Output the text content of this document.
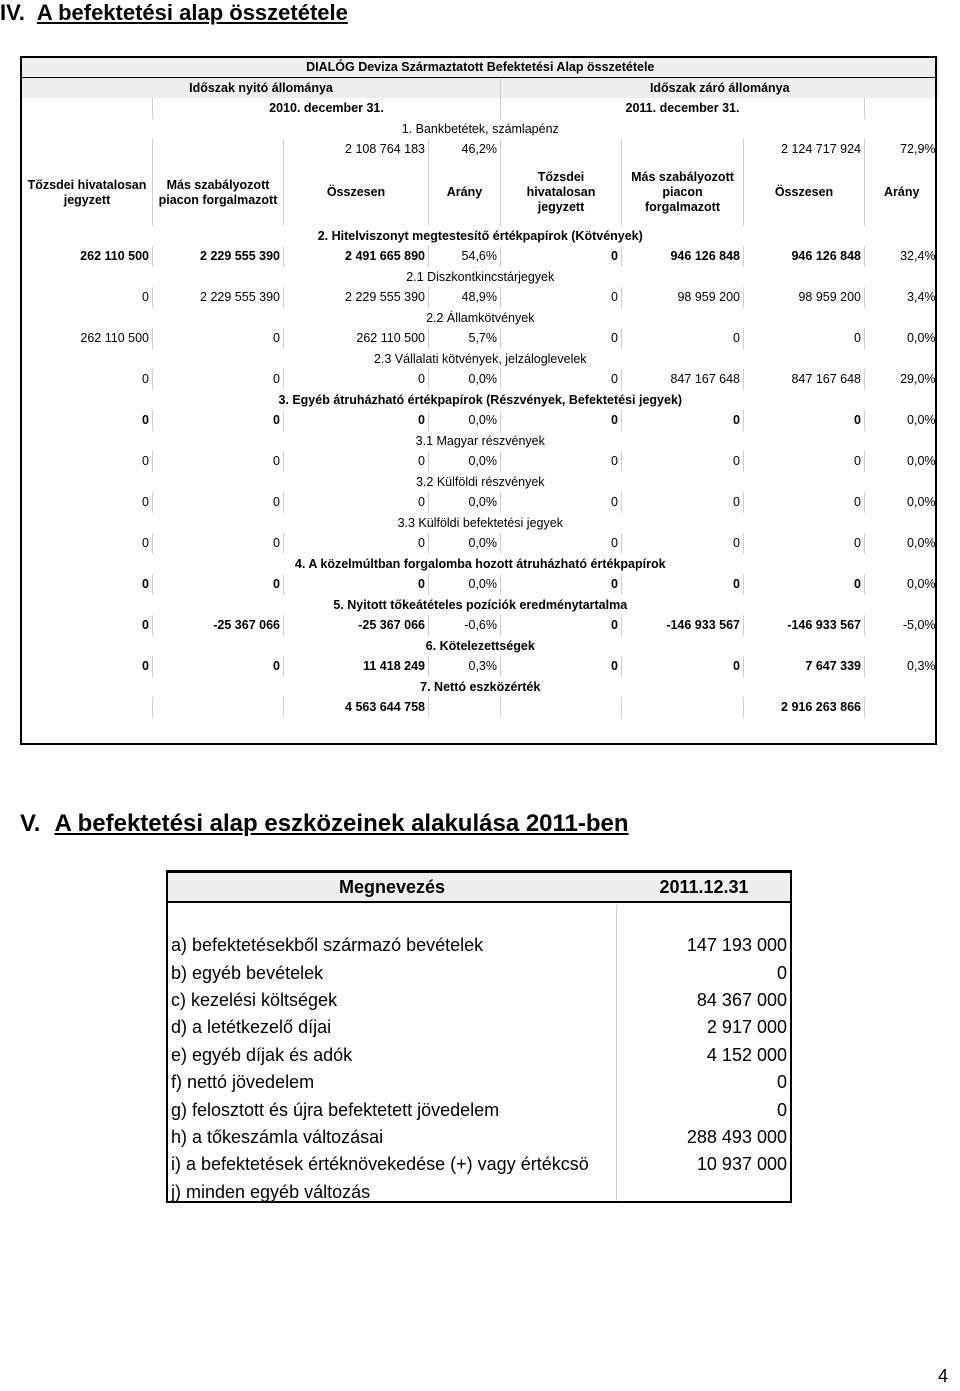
IV. A befektetési alap összetétele
DIALÓG Deviza Származtatott Befektetési Alap összetétele							
Időszak nyitó állománya				Időszak záró állománya			
	2010. december 31.			2011. december 31.			
1. Bankbetétek, számlapénz							
		2 108 764 183	46,2%			2 124 717 924	72,9%
Tőzsdei hivatalosan jegyzett	Más szabályozott piacon forgalmazott	Összesen	Arány	Tőzsdei hivatalosan jegyzett	Más szabályozott piacon forgalmazott	Összesen	Arány
2. Hitelviszonyt megtestesítő értékpapírok (Kötvények)							
262 110 500	2 229 555 390	2 491 665 890	54,6%	0	946 126 848	946 126 848	32,4%
2.1 Diszkontkincstárjegyek							
0	2 229 555 390	2 229 555 390	48,9%	0	98 959 200	98 959 200	3,4%
2.2 Államkötvények							
262 110 500	0	262 110 500	5,7%	0	0	0	0,0%
2.3 Vállalati kötvények, jelzáloglevelek							
0	0	0	0,0%	0	847 167 648	847 167 648	29,0%
3. Egyéb átruházható értékpapírok (Részvények, Befektetési jegyek)							
0	0	0	0,0%	0	0	0	0,0%
3.1 Magyar részvények							
0	0	0	0,0%	0	0	0	0,0%
3.2 Külföldi részvények							
0	0	0	0,0%	0	0	0	0,0%
3.3 Külföldi befektetési jegyek							
0	0	0	0,0%	0	0	0	0,0%
4. A közelmúltban forgalomba hozott átruházható értékpapírok							
0	0	0	0,0%	0	0	0	0,0%
5. Nyitott tőkeátételes pozíciók eredménytartalma							
0	-25 367 066	-25 367 066	-0,6%	0	-146 933 567	-146 933 567	-5,0%
6. Kötelezettségek							
0	0	11 418 249	0,3%	0	0	7 647 339	0,3%
7. Nettó eszközérték							
		4 563 644 758				2 916 263 866	
V. A befektetési alap eszközeinek alakulása 2011-ben
Megnevezés	2011.12.31

a) befektetésekből származó bevételek	147 193 000
b) egyéb bevételek	0
c) kezelési költségek	84 367 000
d) a letétkezelő díjai	2 917 000
e) egyéb díjak és adók	4 152 000
f) nettó jövedelem	0
g) felosztott és újra befektetett jövedelem	0
h) a tőkeszámla változásai	288 493 000
i) a befektetések értéknövekedése (+) vagy értékcsö	10 937 000
j) minden egyéb változás	
4
